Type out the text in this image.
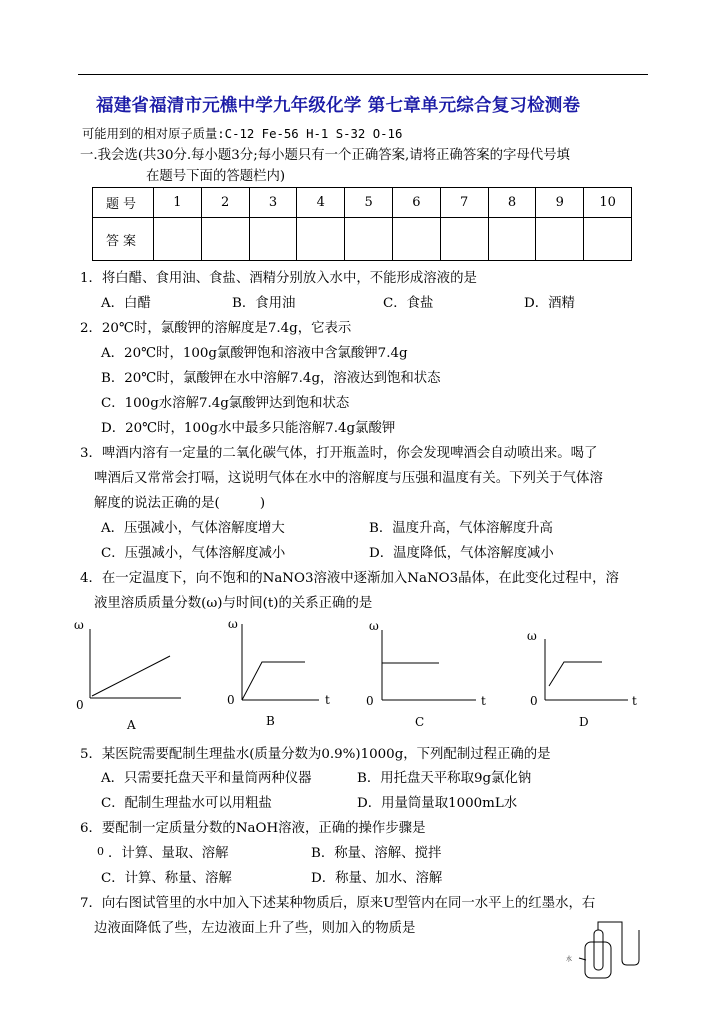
福建省福清市元樵中学九年级化学 第七章单元综合复习检测卷
可能用到的相对原子质量:C-12 Fe-56 H-1 S-32 O-16
一.我会选(共30分.每小题3分;每小题只有一个正确答案,请将正确答案的字母代号填
在题号下面的答题栏内)
题号	1	2	3	4	5	6	7	8	9	10
答案										
1．将白醋、食用油、食盐、酒精分别放入水中，不能形成溶液的是
A．白醋	B．食用油	C．食盐	D．酒精
2．20℃时，氯酸钾的溶解度是7.4g，它表示
A．20℃时，100g氯酸钾饱和溶液中含氯酸钾7.4g
B．20℃时，氯酸钾在水中溶解7.4g，溶液达到饱和状态
C．100g水溶解7.4g氯酸钾达到饱和状态
D．20℃时，100g水中最多只能溶解7.4g氯酸钾
3．啤酒内溶有一定量的二氧化碳气体，打开瓶盖时，你会发现啤酒会自动喷出来。喝了
啤酒后又常常会打嗝，这说明气体在水中的溶解度与压强和温度有关。下列关于气体溶
解度的说法正确的是(　　　)
A．压强减小，气体溶解度增大	B．温度升高，气体溶解度升高
C．压强减小，气体溶解度减小	D．温度降低，气体溶解度减小
4．在一定温度下，向不饱和的NaNO3溶液中逐渐加入NaNO3晶体，在此变化过程中，溶
液里溶质质量分数(ω)与时间(t)的关系正确的是
ω
0
A
ω
0	t
B
ω
0	t
C
ω
0	t
D
5．某医院需要配制生理盐水(质量分数为0.9%)1000g，下列配制过程正确的是
A．只需要托盘天平和量筒两种仪器	B．用托盘天平称取9g氯化钠
C．配制生理盐水可以用粗盐	D．用量筒量取1000mL水
6．要配制一定质量分数的NaOH溶液，正确的操作步骤是
0 ．计算、量取、溶解	B．称量、溶解、搅拌
C．计算、称量、溶解	D．称量、加水、溶解
7．向右图试管里的水中加入下述某种物质后，原来U型管内在同一水平上的红墨水，右
边液面降低了些，左边液面上升了些，则加入的物质是
水
